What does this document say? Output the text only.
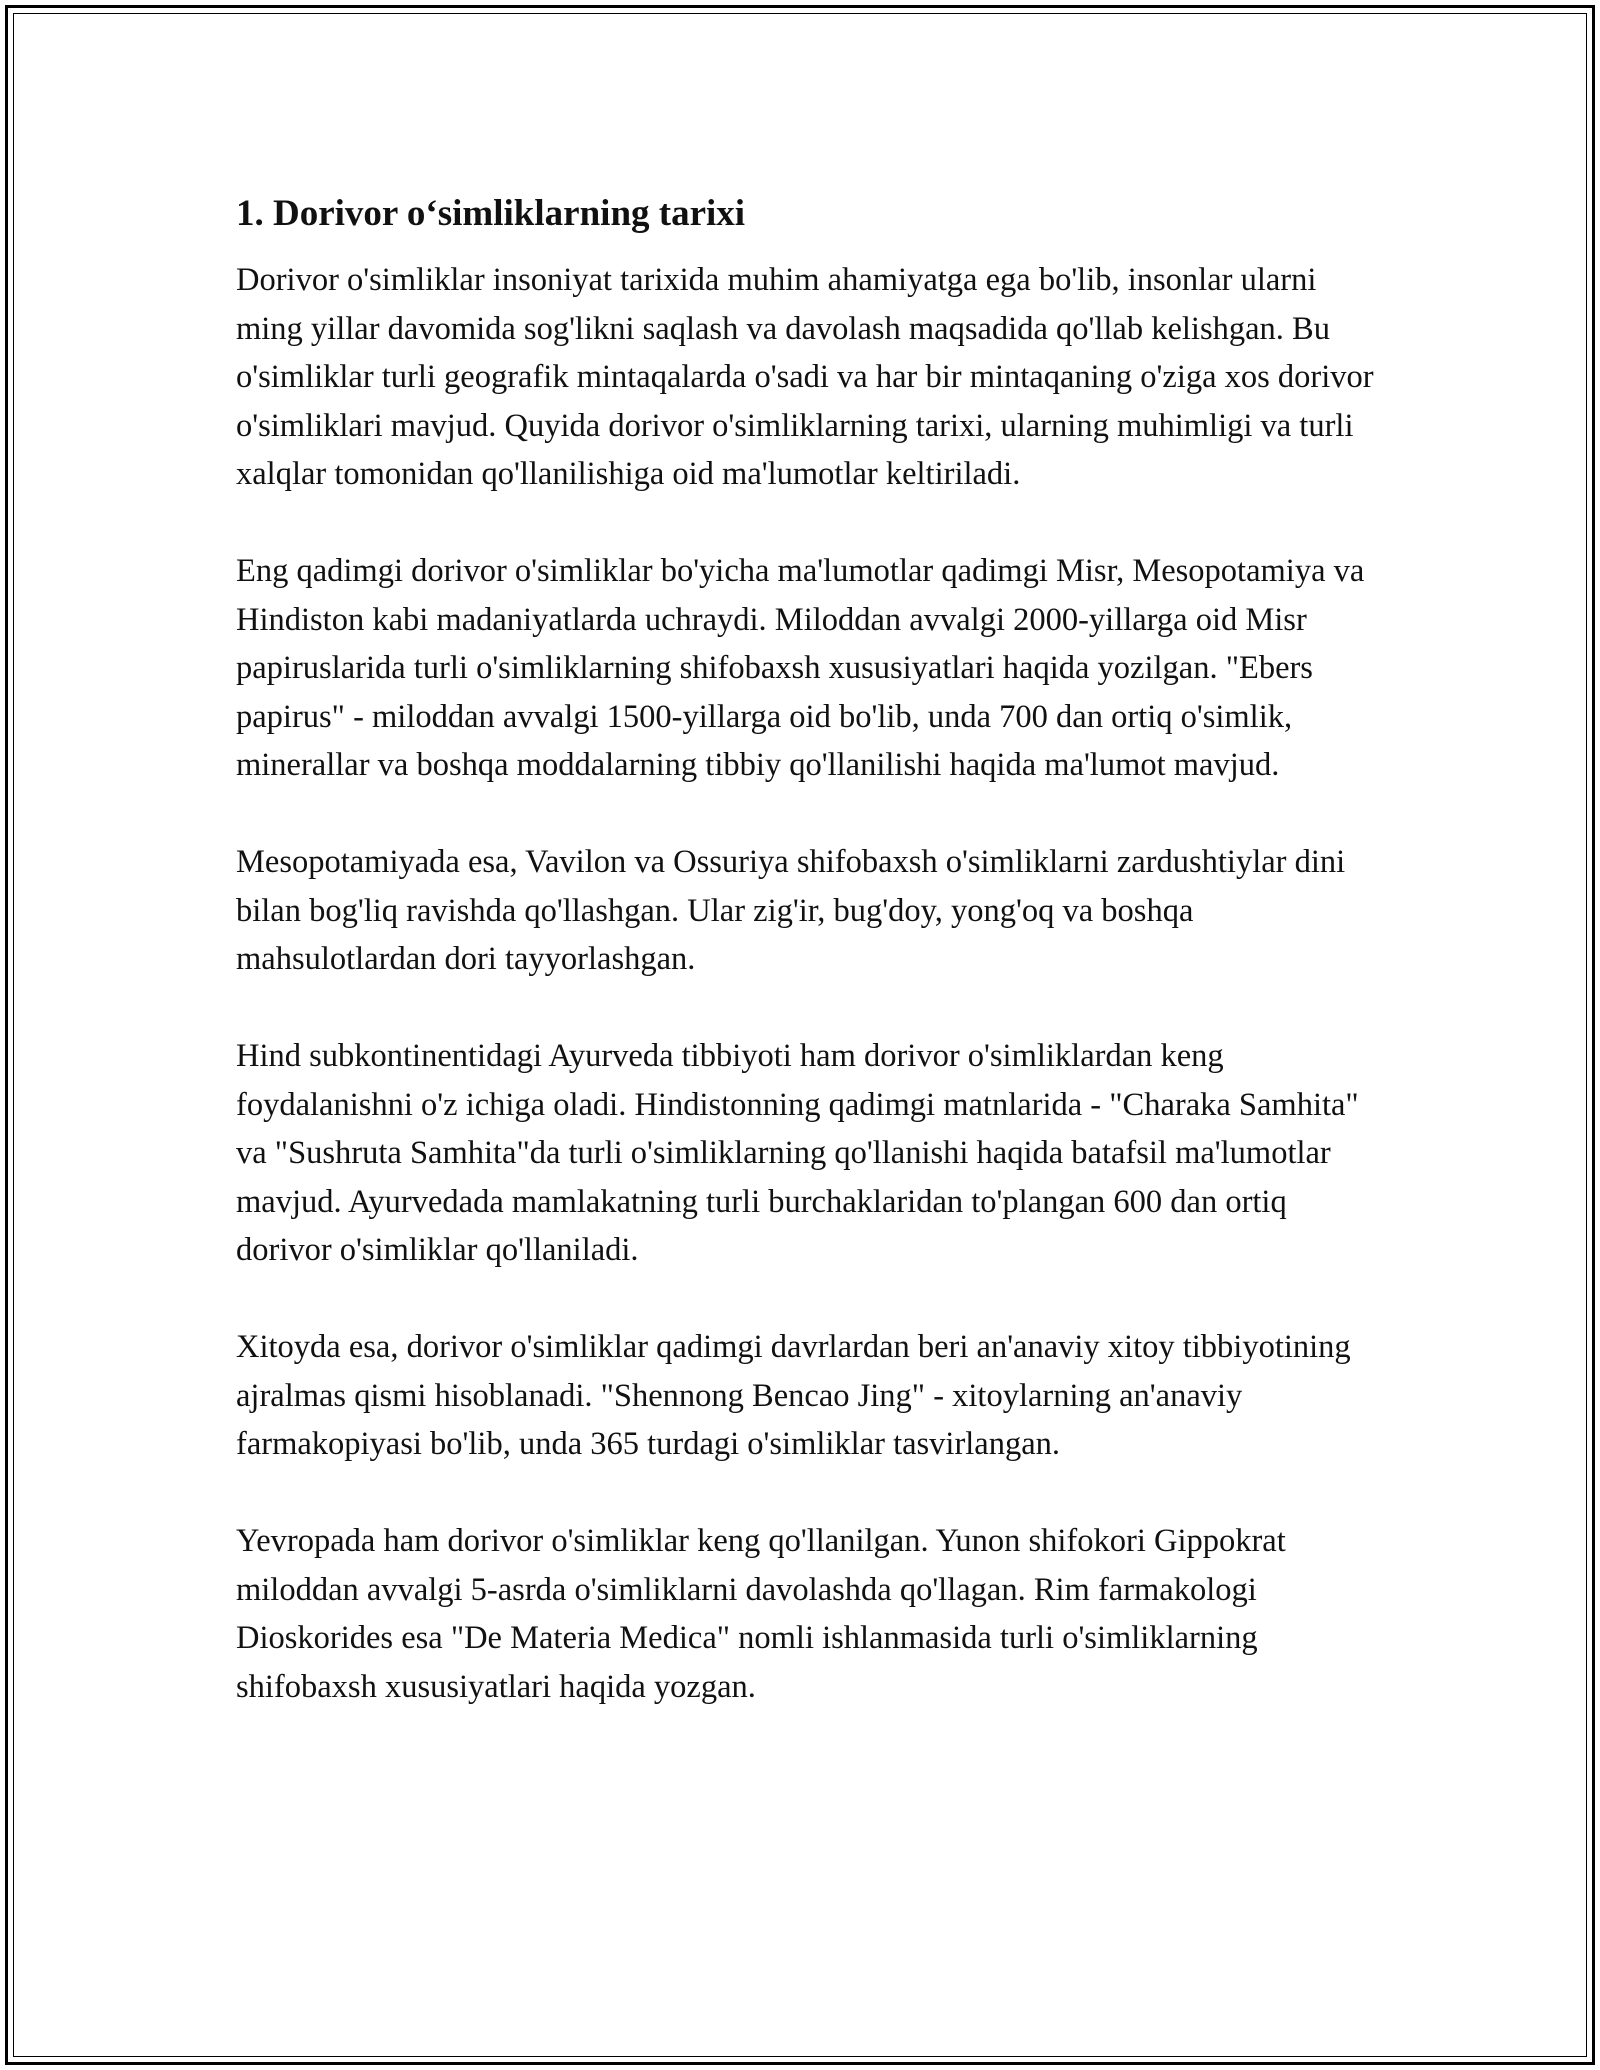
1. Dorivor o‘simliklarning tarixi

Dorivor o'simliklar insoniyat tarixida muhim ahamiyatga ega bo'lib, insonlar ularni ming yillar davomida sog'likni saqlash va davolash maqsadida qo'llab kelishgan. Bu o'simliklar turli geografik mintaqalarda o'sadi va har bir mintaqaning o'ziga xos dorivor o'simliklari mavjud. Quyida dorivor o'simliklarning tarixi, ularning muhimligi va turli xalqlar tomonidan qo'llanilishiga oid ma'lumotlar keltiriladi.

Eng qadimgi dorivor o'simliklar bo'yicha ma'lumotlar qadimgi Misr, Mesopotamiya va Hindiston kabi madaniyatlarda uchraydi. Miloddan avvalgi 2000-yillarga oid Misr papiruslarida turli o'simliklarning shifobaxsh xususiyatlari haqida yozilgan. "Ebers papirus" - miloddan avvalgi 1500-yillarga oid bo'lib, unda 700 dan ortiq o'simlik, minerallar va boshqa moddalarning tibbiy qo'llanilishi haqida ma'lumot mavjud.

Mesopotamiyada esa, Vavilon va Ossuriya shifobaxsh o'simliklarni zardushtiylar dini bilan bog'liq ravishda qo'llashgan. Ular zig'ir, bug'doy, yong'oq va boshqa mahsulotlardan dori tayyorlashgan.

Hind subkontinentidagi Ayurveda tibbiyoti ham dorivor o'simliklardan keng foydalanishni o'z ichiga oladi. Hindistonning qadimgi matnlarida - "Charaka Samhita" va "Sushruta Samhita"da turli o'simliklarning qo'llanishi haqida batafsil ma'lumotlar mavjud. Ayurvedada mamlakatning turli burchaklaridan to'plangan 600 dan ortiq dorivor o'simliklar qo'llaniladi.

Xitoyda esa, dorivor o'simliklar qadimgi davrlardan beri an'anaviy xitoy tibbiyotining ajralmas qismi hisoblanadi. "Shennong Bencao Jing" - xitoylarning an'anaviy farmakopiyasi bo'lib, unda 365 turdagi o'simliklar tasvirlangan.

Yevropada ham dorivor o'simliklar keng qo'llanilgan. Yunon shifokori Gippokrat miloddan avvalgi 5-asrda o'simliklarni davolashda qo'llagan. Rim farmakologi Dioskorides esa "De Materia Medica" nomli ishlanmasida turli o'simliklarning shifobaxsh xususiyatlari haqida yozgan.
